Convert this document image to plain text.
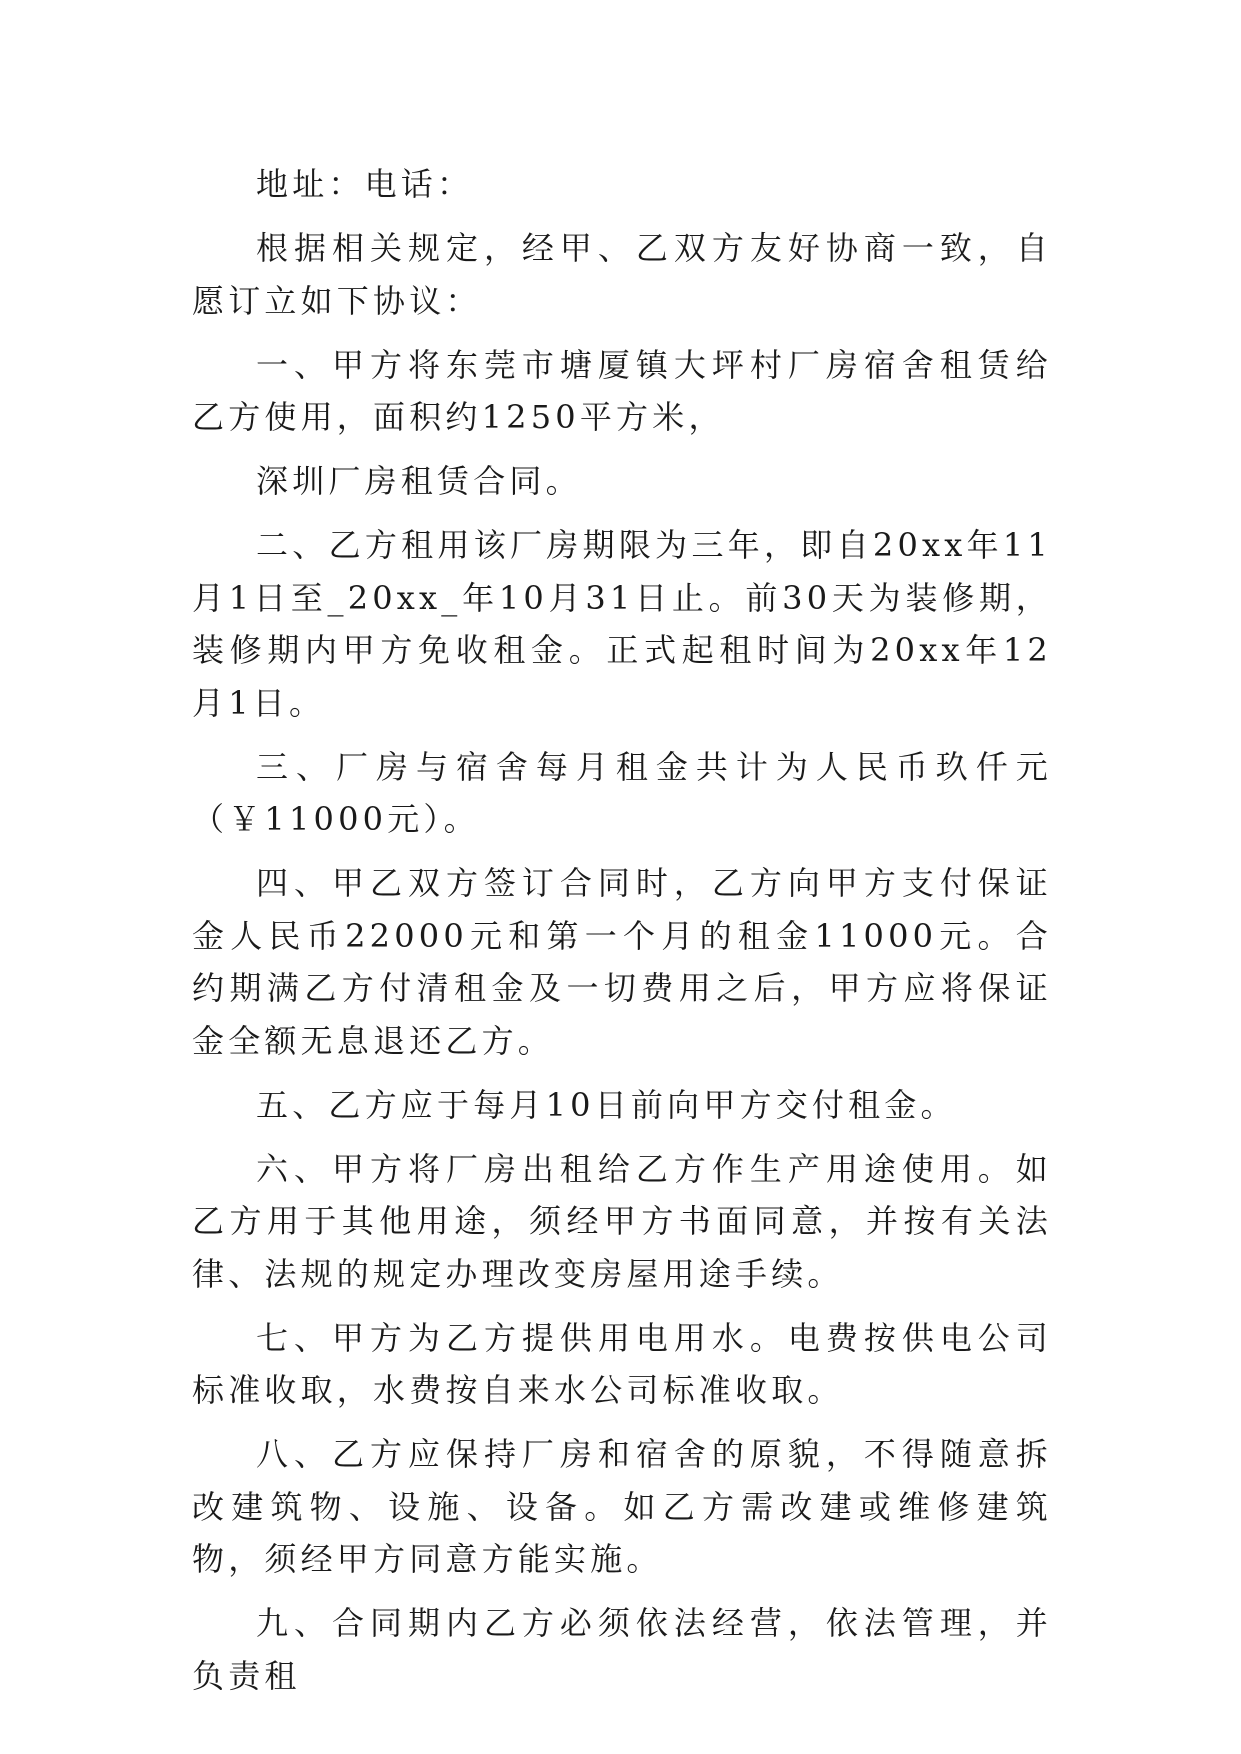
地址：电话：

根据相关规定，经甲、乙双方友好协商一致，自愿订立如下协议：

一、甲方将东莞市塘厦镇大坪村厂房宿舍租赁给乙方使用，面积约1250平方米，

深圳厂房租赁合同。

二、乙方租用该厂房期限为三年，即自20xx年11月1日至_20xx_年10月31日止。前30天为装修期，装修期内甲方免收租金。正式起租时间为20xx年12月1日。

三、厂房与宿舍每月租金共计为人民币玖仟元（￥11000元）。

四、甲乙双方签订合同时，乙方向甲方支付保证金人民币22000元和第一个月的租金11000元。合约期满乙方付清租金及一切费用之后，甲方应将保证金全额无息退还乙方。

五、乙方应于每月10日前向甲方交付租金。

六、甲方将厂房出租给乙方作生产用途使用。如乙方用于其他用途，须经甲方书面同意，并按有关法律、法规的规定办理改变房屋用途手续。

七、甲方为乙方提供用电用水。电费按供电公司标准收取，水费按自来水公司标准收取。

八、乙方应保持厂房和宿舍的原貌，不得随意拆改建筑物、设施、设备。如乙方需改建或维修建筑物，须经甲方同意方能实施。

九、合同期内乙方必须依法经营，依法管理，并负责租
